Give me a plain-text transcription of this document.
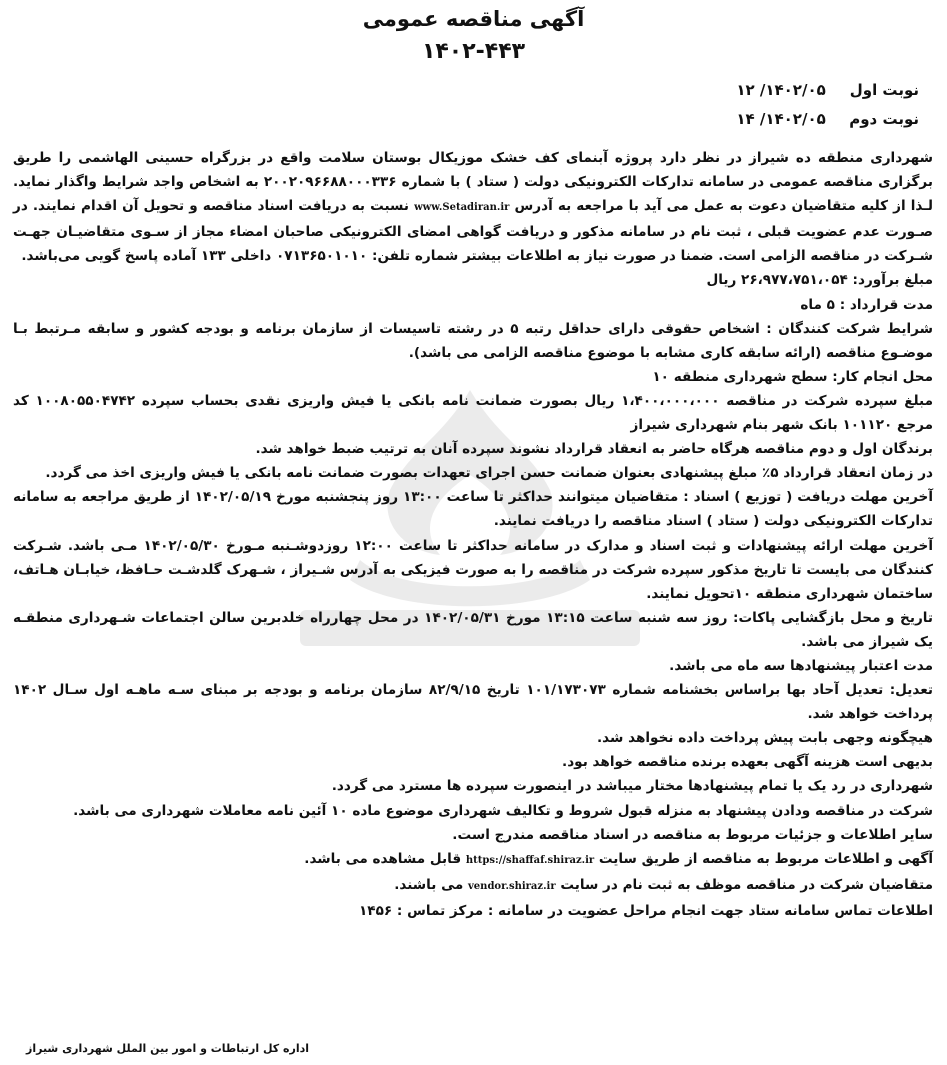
آگهی مناقصه عمومی
۱۴۰۲-۴۴۳
نوبت اول ۱۴۰۲/۰۵/ ۱۲
نوبت دوم ۱۴۰۲/۰۵/ ۱۴

شهرداری منطقه ده شیراز در نظر دارد پروژه آبنمای کف خشک موزیکال بوستان سلامت واقع در بزرگراه حسینی الهاشمی را طریق برگزاری مناقصه عمومی در سامانه تدارکات الکترونیکی دولت ( ستاد ) با شماره ۲۰۰۲۰۹۶۶۸۸۰۰۰۳۳۶ به اشخاص واجد شرایط واگذار نماید. لـذا از کلیه متقاضیان دعوت به عمل می آید با مراجعه به آدرس www.Setadiran.ir نسبت به دریافت اسناد مناقصه و تحویل آن اقدام نمایند. در صـورت عدم عضویت قبلی ، ثبت نام در سامانه مذکور و دریافت گواهی امضای الکترونیکی صاحبان امضاء مجاز از سـوی متقاضیـان جهـت شـرکت در مناقصه الزامی است. ضمنا در صورت نیاز به اطلاعات بیشتر شماره تلفن: ۰۷۱۳۶۵۰۱۰۱۰ داخلی ۱۳۳ آماده پاسخ گویی می‌باشد.

مبلغ برآورد: ۲۶،۹۷۷،۷۵۱،۰۵۴ ریال

مدت قرارداد : ۵ ماه

شرایط شرکت کنندگان : اشخاص حقوقی دارای حداقل رتبه ۵ در رشته تاسیسات از سازمان برنامه و بودجه کشور و سابقه مـرتبط بـا موضـوع مناقصه (ارائه سابقه کاری مشابه با موضوع مناقصه الزامی می باشد).

محل انجام کار: سطح شهرداری منطقه ۱۰

مبلغ سپرده شرکت در مناقصه ۱،۴۰۰،۰۰۰،۰۰۰ ریال بصورت ضمانت نامه بانکی یا فیش واریزی نقدی بحساب سپرده ۱۰۰۸۰۵۵۰۴۷۴۲ کد مرجع ۱۰۱۱۲۰ بانک شهر بنام شهرداری شیراز

برندگان اول و دوم مناقصه هرگاه حاضر به انعقاد قرارداد نشوند سپرده آنان به ترتیب ضبط خواهد شد.

در زمان انعقاد قرارداد ۵٪ مبلغ پیشنهادی بعنوان ضمانت حسن اجرای تعهدات بصورت ضمانت نامه بانکی یا فیش واریزی اخذ می گردد.

آخرین مهلت دریافت ( توزیع ) اسناد : متقاضیان میتوانند حداکثر تا ساعت ۱۳:۰۰ روز پنجشنبه مورخ ۱۴۰۲/۰۵/۱۹ از طریق مراجعه به سامانه تدارکات الکترونیکی دولت ( ستاد ) اسناد مناقصه را دریافت نمایند.

آخرین مهلت ارائه پیشنهادات و ثبت اسناد و مدارک در سامانه حداکثر تا ساعت ۱۲:۰۰ روزدوشـنبه مـورخ ۱۴۰۲/۰۵/۳۰ مـی باشد. شـرکت کنندگان می بایست تا تاریخ مذکور سپرده شرکت در مناقصه را به صورت فیزیکی به آدرس شـیراز ، شـهرک گلدشـت حـافظ، خیابـان هـاتف، ساختمان شهرداری منطقه ۱۰تحویل نمایند.

تاریخ و محل بازگشایی پاکات: روز سه شنبه ساعت ۱۳:۱۵ مورخ ۱۴۰۲/۰۵/۳۱ در محل چهارراه خلدبرین سالن اجتماعات شـهرداری منطقـه یک شیراز می باشد.

مدت اعتبار پیشنهادها سه ماه می باشد.

تعدیل: تعدیل آحاد بها براساس بخشنامه شماره ۱۰۱/۱۷۳۰۷۳ تاریخ ۸۲/۹/۱۵ سازمان برنامه و بودجه بر مبنای سـه ماهـه اول سـال ۱۴۰۲ پرداخت خواهد شد.

هیچگونه وجهی بابت پیش پرداخت داده نخواهد شد.

بدیهی است هزینه آگهی بعهده برنده مناقصه خواهد بود.

شهرداری در رد یک یا تمام پیشنهادها مختار میباشد در اینصورت سپرده ها مسترد می گردد.

شرکت در مناقصه ودادن پیشنهاد به منزله قبول شروط و تکالیف شهرداری موضوع ماده ۱۰ آئین نامه معاملات شهرداری می باشد.

سایر اطلاعات و جزئیات مربوط به مناقصه در اسناد مناقصه مندرج است.

آگهی و اطلاعات مربوط به مناقصه از طریق سایت https://shaffaf.shiraz.ir قابل مشاهده می باشد.

متقاضیان شرکت در مناقصه موظف به ثبت نام در سایت vendor.shiraz.ir می باشند.

اطلاعات تماس سامانه ستاد جهت انجام مراحل عضویت در سامانه : مرکز تماس : ۱۴۵۶

اداره کل ارتباطات و امور بین الملل شهرداری شیراز
